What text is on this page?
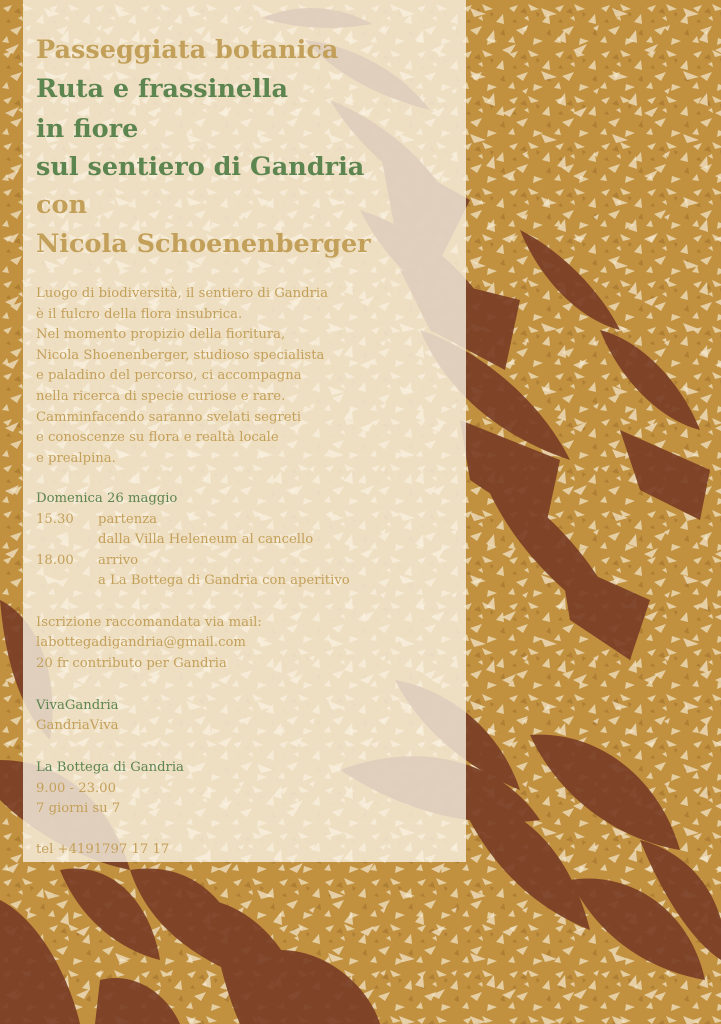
Passeggiata botanica
Ruta e frassinella
in fiore
sul sentiero di Gandria
con
Nicola Schoenenberger
Luogo di biodiversità, il sentiero di Gandria
è il fulcro della flora insubrica.
Nel momento propizio della fioritura,
Nicola Shoenenberger, studioso specialista
e paladino del percorso, ci accompagna
nella ricerca di specie curiose e rare.
Camminfacendo saranno svelati segreti
e conoscenze su flora e realtà locale
e prealpina.
Domenica 26 maggio
15.30 partenza
dalla Villa Heleneum al cancello
18.00 arrivo
a La Bottega di Gandria con aperitivo
Iscrizione raccomandata via mail:
labottegadigandria@gmail.com
20 fr contributo per Gandria
VivaGandria
GandriaViva
La Bottega di Gandria
9.00 - 23.00
7 giorni su 7
tel +4191797 17 17
